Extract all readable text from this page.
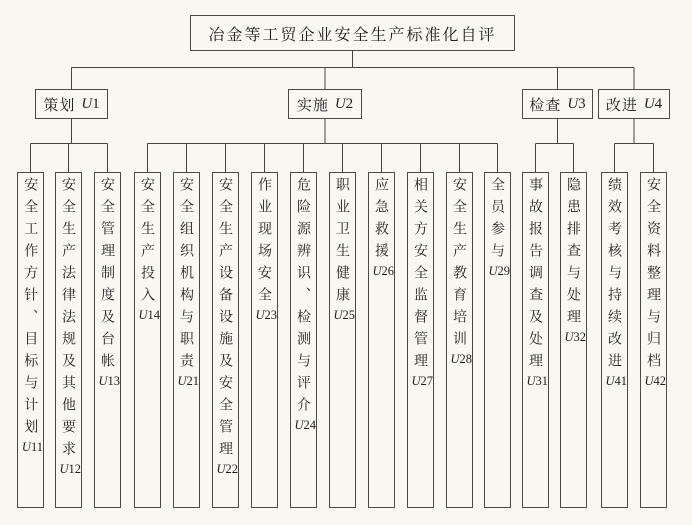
冶金等工贸企业安全生产标准化自评
策划 U1	实施 U2	检查 U3 改进 U4
安全工作方针、目标与计划U11 安全生产法律法规及其他要求U12
安全管理制度及台帐U13
安全生产投入U14 安全组织机构与职责U21 安全生产设备设施及安全管理U22
作业现场安全U23 危险源辨识、检测与评介U24
职业卫生健康U25
应急救援U26 相关方安全监督管理U27
安全生产教育培训U28
全员参与U29 事故报告调查及处理U31
隐患排查与处理U32 绩效考核与持续改进U41
安全资料整理与归档U42
